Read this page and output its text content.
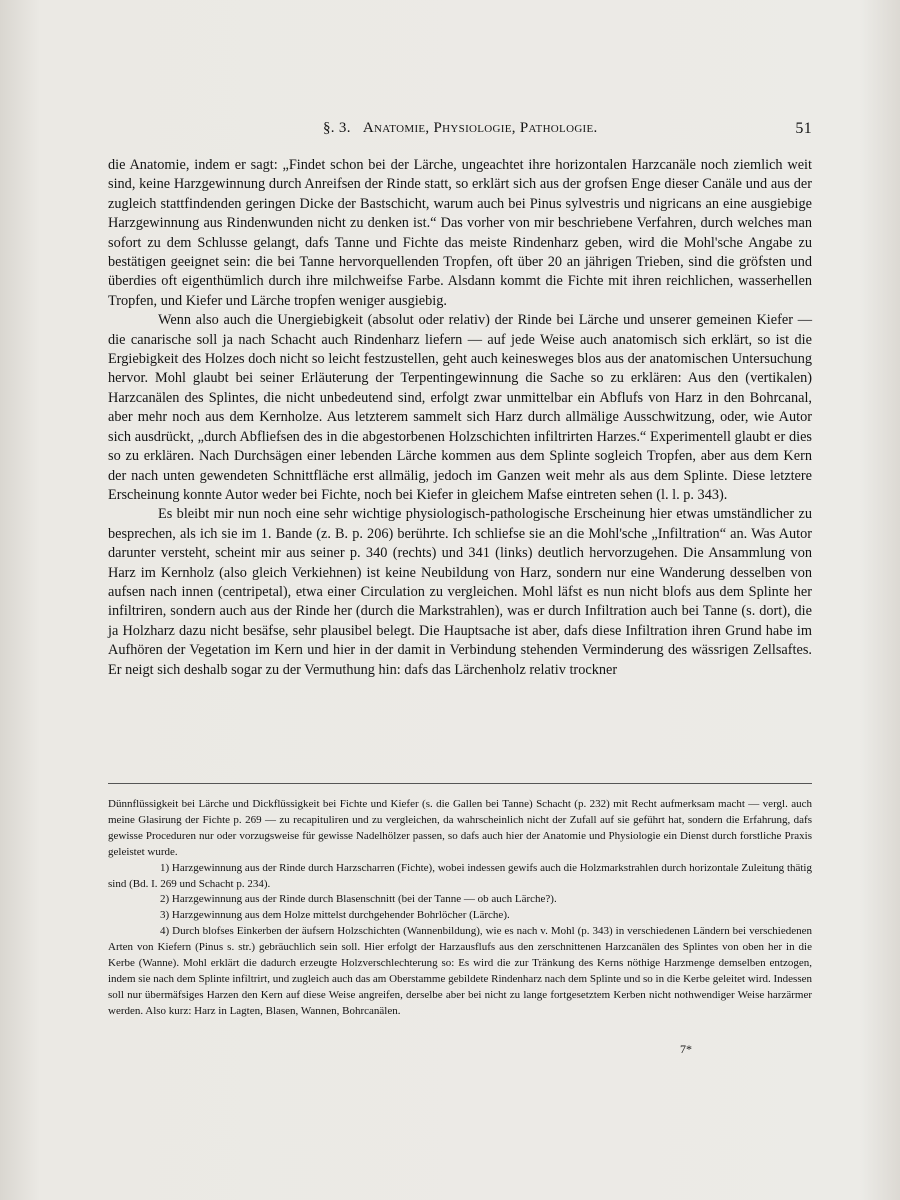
§. 3. Anatomie, Physiologie, Pathologie.	51

die Anatomie, indem er sagt: „Findet schon bei der Lärche, ungeachtet ihre horizontalen Harzcanäle noch ziemlich weit sind, keine Harzgewinnung durch Anreifsen der Rinde statt, so erklärt sich aus der grofsen Enge dieser Canäle und aus der zugleich stattfindenden geringen Dicke der Bastschicht, warum auch bei Pinus sylvestris und nigricans an eine ausgiebige Harzgewinnung aus Rindenwunden nicht zu denken ist.“ Das vorher von mir beschriebene Verfahren, durch welches man sofort zu dem Schlusse gelangt, dafs Tanne und Fichte das meiste Rindenharz geben, wird die Mohl'sche Angabe zu bestätigen geeignet sein: die bei Tanne hervorquellenden Tropfen, oft über 20 an jährigen Trieben, sind die gröfsten und überdies oft eigenthümlich durch ihre milchweifse Farbe. Alsdann kommt die Fichte mit ihren reichlichen, wasserhellen Tropfen, und Kiefer und Lärche tropfen weniger ausgiebig.

Wenn also auch die Unergiebigkeit (absolut oder relativ) der Rinde bei Lärche und unserer gemeinen Kiefer — die canarische soll ja nach Schacht auch Rindenharz liefern — auf jede Weise auch anatomisch sich erklärt, so ist die Ergiebigkeit des Holzes doch nicht so leicht festzustellen, geht auch keinesweges blos aus der anatomischen Untersuchung hervor. Mohl glaubt bei seiner Erläuterung der Terpentingewinnung die Sache so zu erklären: Aus den (vertikalen) Harzcanälen des Splintes, die nicht unbedeutend sind, erfolgt zwar unmittelbar ein Abflufs von Harz in den Bohrcanal, aber mehr noch aus dem Kernholze. Aus letzterem sammelt sich Harz durch allmälige Ausschwitzung, oder, wie Autor sich ausdrückt, „durch Abfliefsen des in die abgestorbenen Holzschichten infiltrirten Harzes.“ Experimentell glaubt er dies so zu erklären. Nach Durchsägen einer lebenden Lärche kommen aus dem Splinte sogleich Tropfen, aber aus dem Kern der nach unten gewendeten Schnittfläche erst allmälig, jedoch im Ganzen weit mehr als aus dem Splinte. Diese letztere Erscheinung konnte Autor weder bei Fichte, noch bei Kiefer in gleichem Mafse eintreten sehen (l. l. p. 343).

Es bleibt mir nun noch eine sehr wichtige physiologisch-pathologische Erscheinung hier etwas umständlicher zu besprechen, als ich sie im 1. Bande (z. B. p. 206) berührte. Ich schliefse sie an die Mohl'sche „Infiltration“ an. Was Autor darunter versteht, scheint mir aus seiner p. 340 (rechts) und 341 (links) deutlich hervorzugehen. Die Ansammlung von Harz im Kernholz (also gleich Verkiehnen) ist keine Neubildung von Harz, sondern nur eine Wanderung desselben von aufsen nach innen (centripetal), etwa einer Circulation zu vergleichen. Mohl läfst es nun nicht blofs aus dem Splinte her infiltriren, sondern auch aus der Rinde her (durch die Markstrahlen), was er durch Infiltration auch bei Tanne (s. dort), die ja Holzharz dazu nicht besäfse, sehr plausibel belegt. Die Hauptsache ist aber, dafs diese Infiltration ihren Grund habe im Aufhören der Vegetation im Kern und hier in der damit in Verbindung stehenden Verminderung des wässrigen Zellsaftes. Er neigt sich deshalb sogar zu der Vermuthung hin: dafs das Lärchenholz relativ trockner

Dünnflüssigkeit bei Lärche und Dickflüssigkeit bei Fichte und Kiefer (s. die Gallen bei Tanne) Schacht (p. 232) mit Recht aufmerksam macht — vergl. auch meine Glasirung der Fichte p. 269 — zu recapituliren und zu vergleichen, da wahrscheinlich nicht der Zufall auf sie geführt hat, sondern die Erfahrung, dafs gewisse Proceduren nur oder vorzugsweise für gewisse Nadelhölzer passen, so dafs auch hier der Anatomie und Physiologie ein Dienst durch forstliche Praxis geleistet wurde.

1) Harzgewinnung aus der Rinde durch Harzscharren (Fichte), wobei indessen gewifs auch die Holzmarkstrahlen durch horizontale Zuleitung thätig sind (Bd. I. 269 und Schacht p. 234).

2) Harzgewinnung aus der Rinde durch Blasenschnitt (bei der Tanne — ob auch Lärche?).

3) Harzgewinnung aus dem Holze mittelst durchgehender Bohrlöcher (Lärche).

4) Durch blofses Einkerben der äufsern Holzschichten (Wannenbildung), wie es nach v. Mohl (p. 343) in verschiedenen Ländern bei verschiedenen Arten von Kiefern (Pinus s. str.) gebräuchlich sein soll. Hier erfolgt der Harzausflufs aus den zerschnittenen Harzcanälen des Splintes von oben her in die Kerbe (Wanne). Mohl erklärt die dadurch erzeugte Holzverschlechterung so: Es wird die zur Tränkung des Kerns nöthige Harzmenge demselben entzogen, indem sie nach dem Splinte infiltrirt, und zugleich auch das am Oberstamme gebildete Rindenharz nach dem Splinte und so in die Kerbe geleitet wird. Indessen soll nur übermäfsiges Harzen den Kern auf diese Weise angreifen, derselbe aber bei nicht zu lange fortgesetztem Kerben nicht nothwendiger Weise harzärmer werden. Also kurz: Harz in Lagten, Blasen, Wannen, Bohrcanälen.

7*
